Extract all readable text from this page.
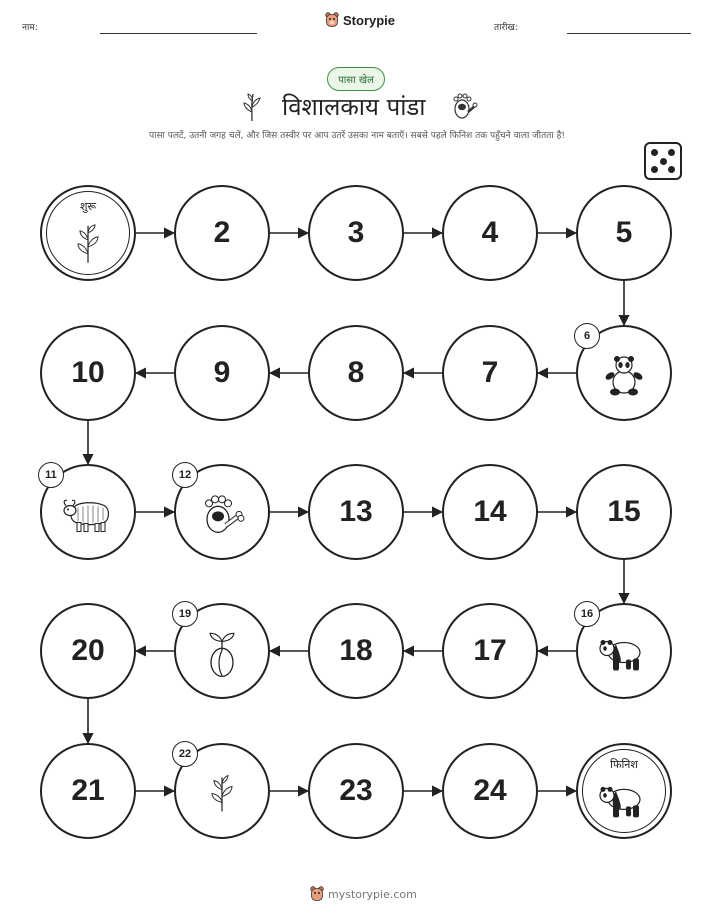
नाम:
Storypie
तारीख:
पासा खेल
विशालकाय पांडा
पासा पलटें, उतनी जगह चलें, और जिस तस्वीर पर आप उतरें उसका नाम बताएँ। सबसे पहले फिनिश तक पहुँचने वाला जीतता है!
शुरू
2	3	4	5
6
7
8
9
10
11	12
13	14	15
16
17
18
19
20
21
22
23	24
फिनिश
mystorypie.com
